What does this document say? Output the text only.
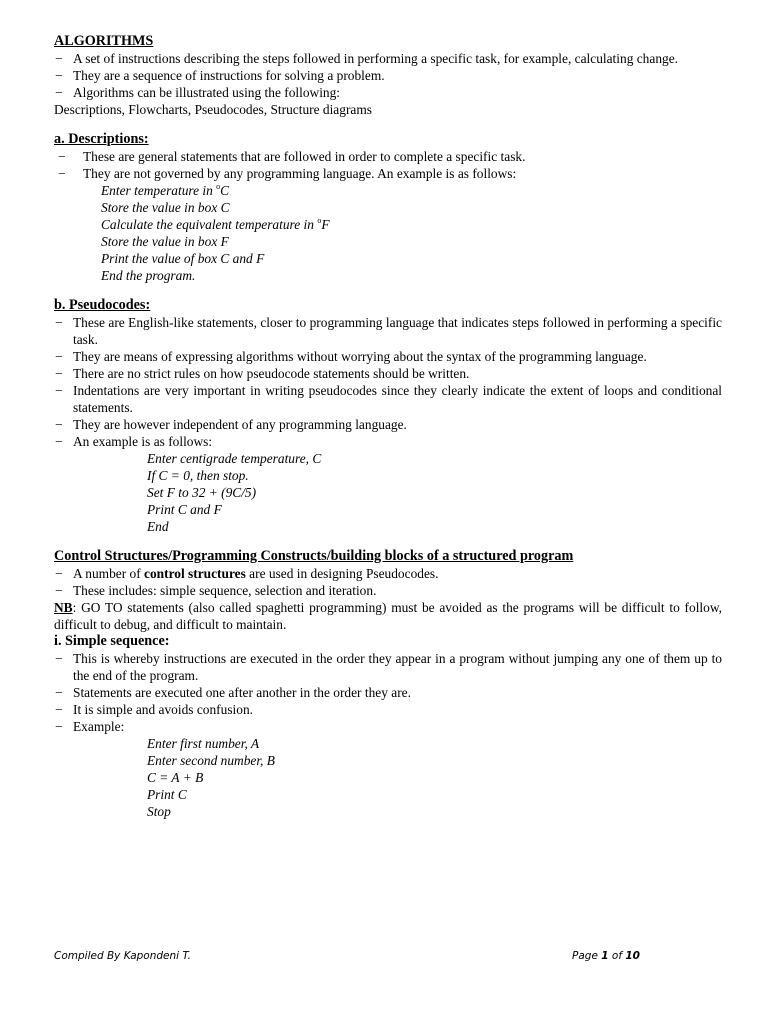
ALGORITHMS
− A set of instructions describing the steps followed in performing a specific task, for example, calculating change.
− They are a sequence of instructions for solving a problem.
− Algorithms can be illustrated using the following:
Descriptions, Flowcharts, Pseudocodes, Structure diagrams
a. Descriptions:
− These are general statements that are followed in order to complete a specific task.
− They are not governed by any programming language. An example is as follows:
Enter temperature in $^o$C
Store the value in box C
Calculate the equivalent temperature in $^o$F
Store the value in box F
Print the value of box C and F
End the program.
b. Pseudocodes:
− These are English-like statements, closer to programming language that indicates steps followed in performing a specific task.
− They are means of expressing algorithms without worrying about the syntax of the programming language.
− There are no strict rules on how pseudocode statements should be written.
− Indentations are very important in writing pseudocodes since they clearly indicate the extent of loops and conditional statements.
− They are however independent of any programming language.
− An example is as follows:
Enter centigrade temperature, C
If C = 0, then stop.
Set F to 32 + (9C/5)
Print C and F
End
Control Structures/Programming Constructs/building blocks of a structured program
− A number of control structures are used in designing Pseudocodes.
− These includes: simple sequence, selection and iteration.
NB: GO TO statements (also called spaghetti programming) must be avoided as the programs will be difficult to follow, difficult to debug, and difficult to maintain.
i. Simple sequence:
− This is whereby instructions are executed in the order they appear in a program without jumping any one of them up to the end of the program.
− Statements are executed one after another in the order they are.
− It is simple and avoids confusion.
− Example:
Enter first number, A
Enter second number, B
C = A + B
Print C
Stop
Compiled By Kapondeni T.	Page 1 of 10
